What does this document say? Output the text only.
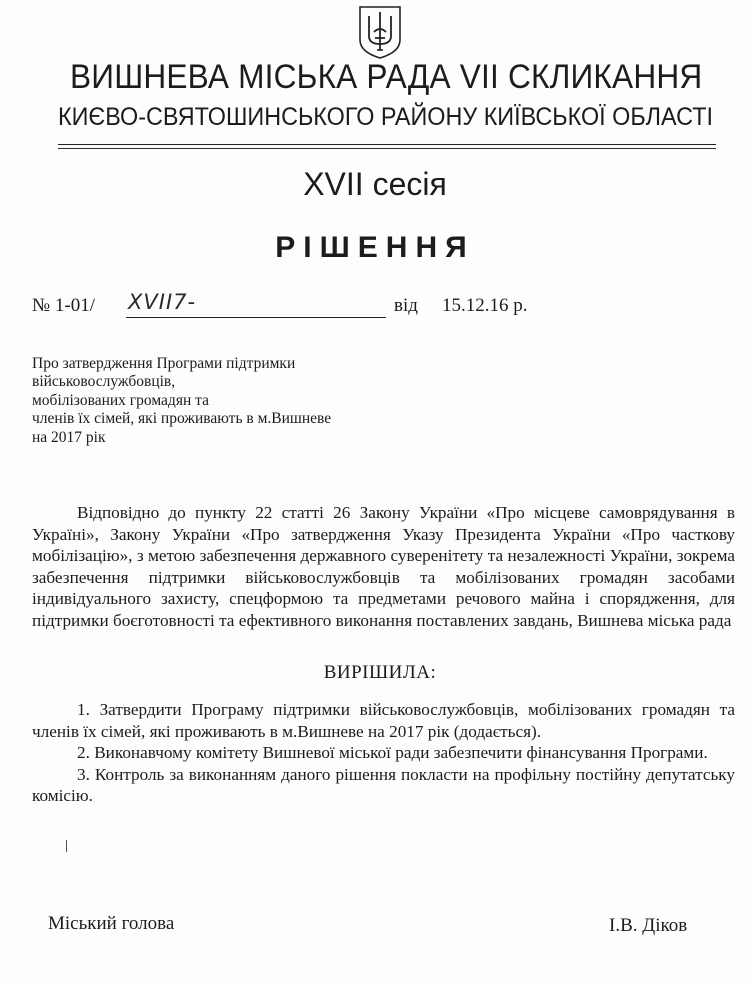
ВИШНЕВА МІСЬКА РАДА VII СКЛИКАННЯ
КИЄВО-СВЯТОШИНСЬКОГО РАЙОНУ КИЇВСЬКОЇ ОБЛАСТІ
XVII сесія
РІШЕННЯ
№ 1-01/ XVII7-	від 15.12.16 р.
Про затвердження Програми підтримки
військовослужбовців,
мобілізованих громадян та
членів їх сімей, які проживають в м.Вишневе
на 2017 рік

Відповідно до пункту 22 статті 26 Закону України «Про місцеве самоврядування в Україні», Закону України «Про затвердження Указу Президента України «Про часткову мобілізацію», з метою забезпечення державного суверенітету та незалежності України, зокрема забезпечення підтримки військовослужбовців та мобілізованих громадян засобами індивідуального захисту, спецформою та предметами речового майна і спорядження, для підтримки боєготовності та ефективного виконання поставлених завдань, Вишнева міська рада

ВИРІШИЛА:

1. Затвердити Програму підтримки військовослужбовців, мобілізованих громадян та членів їх сімей, які проживають в м.Вишневе на 2017 рік (додається).

2. Виконавчому комітету Вишневої міської ради забезпечити фінансування Програми.

3. Контроль за виконанням даного рішення покласти на профільну постійну депутатську комісію.

Міський голова	І.В. Діков
